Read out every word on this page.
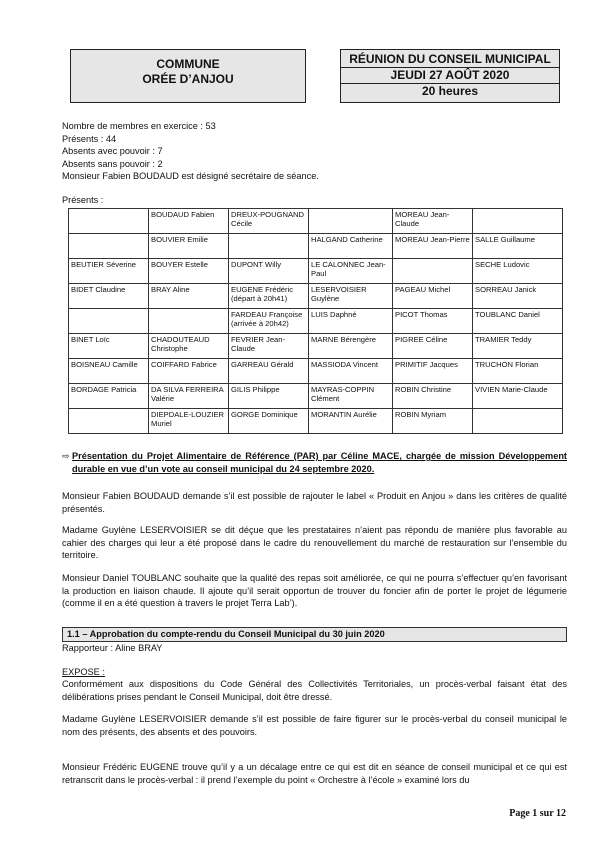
COMMUNE
ORÉE D’ANJOU
RÉUNION DU CONSEIL MUNICIPAL
JEUDI 27 AOÛT 2020
20 heures
Nombre de membres en exercice : 53
Présents : 44
Absents avec pouvoir : 7
Absents sans pouvoir : 2
Monsieur Fabien BOUDAUD est désigné secrétaire de séance.
Présents :
	BOUDAUD Fabien	DREUX-POUGNAND Cécile		MOREAU Jean-Claude	
	BOUVIER Emilie		HALGAND Catherine	MOREAU Jean-Pierre	SALLE Guillaume
BEUTIER Séverine	BOUYER Estelle	DUPONT Willy	LE CALONNEC Jean-Paul		SECHE Ludovic
BIDET Claudine	BRAY Aline	EUGENE Frédéric (départ à 20h41)	LESERVOISIER Guylène	PAGEAU Michel	SORREAU Janick
		FARDEAU Françoise (arrivée à 20h42)	LUIS Daphné	PICOT Thomas	TOUBLANC Daniel
BINET Loïc	CHADOUTEAUD Christophe	FEVRIER Jean-Claude	MARNE Bérengère	PIGREE Céline	TRAMIER Teddy
BOISNEAU Camille	COIFFARD Fabrice	GARREAU Gérald	MASSIODA Vincent	PRIMITIF Jacques	TRUCHON Florian
BORDAGE Patricia	DA SILVA FERREIRA Valérie	GILIS Philippe	MAYRAS-COPPIN Clément	ROBIN Christine	VIVIEN Marie-Claude
	DIEPDALE-LOUZIER Muriel	GORGE Dominique	MORANTIN Aurélie	ROBIN Myriam	
⇨ Présentation du Projet Alimentaire de Référence (PAR) par Céline MACE, chargée de mission Développement durable en vue d’un vote au conseil municipal du 24 septembre 2020.
Monsieur Fabien BOUDAUD demande s’il est possible de rajouter le label « Produit en Anjou » dans les critères de qualité présentés.
Madame Guylène LESERVOISIER se dit déçue que les prestataires n’aient pas répondu de manière plus favorable au cahier des charges qui leur a été proposé dans le cadre du renouvellement du marché de restauration sur l’ensemble du territoire.
Monsieur Daniel TOUBLANC souhaite que la qualité des repas soit améliorée, ce qui ne pourra s’effectuer qu’en favorisant la production en liaison chaude. Il ajoute qu’il serait opportun de trouver du foncier afin de porter le projet de légumerie (comme il en a été question à travers le projet Terra Lab’).
1.1 – Approbation du compte-rendu du Conseil Municipal du 30 juin 2020
Rapporteur : Aline BRAY
EXPOSE :
Conformément aux dispositions du Code Général des Collectivités Territoriales, un procès-verbal faisant état des délibérations prises pendant le Conseil Municipal, doit être dressé.
Madame Guylène LESERVOISIER demande s’il est possible de faire figurer sur le procès-verbal du conseil municipal le nom des présents, des absents et des pouvoirs.
Monsieur Frédéric EUGENE trouve qu’il y a un décalage entre ce qui est dit en séance de conseil municipal et ce qui est retranscrit dans le procès-verbal : il prend l’exemple du point « Orchestre à l’école » examiné lors du
Page 1 sur 12
